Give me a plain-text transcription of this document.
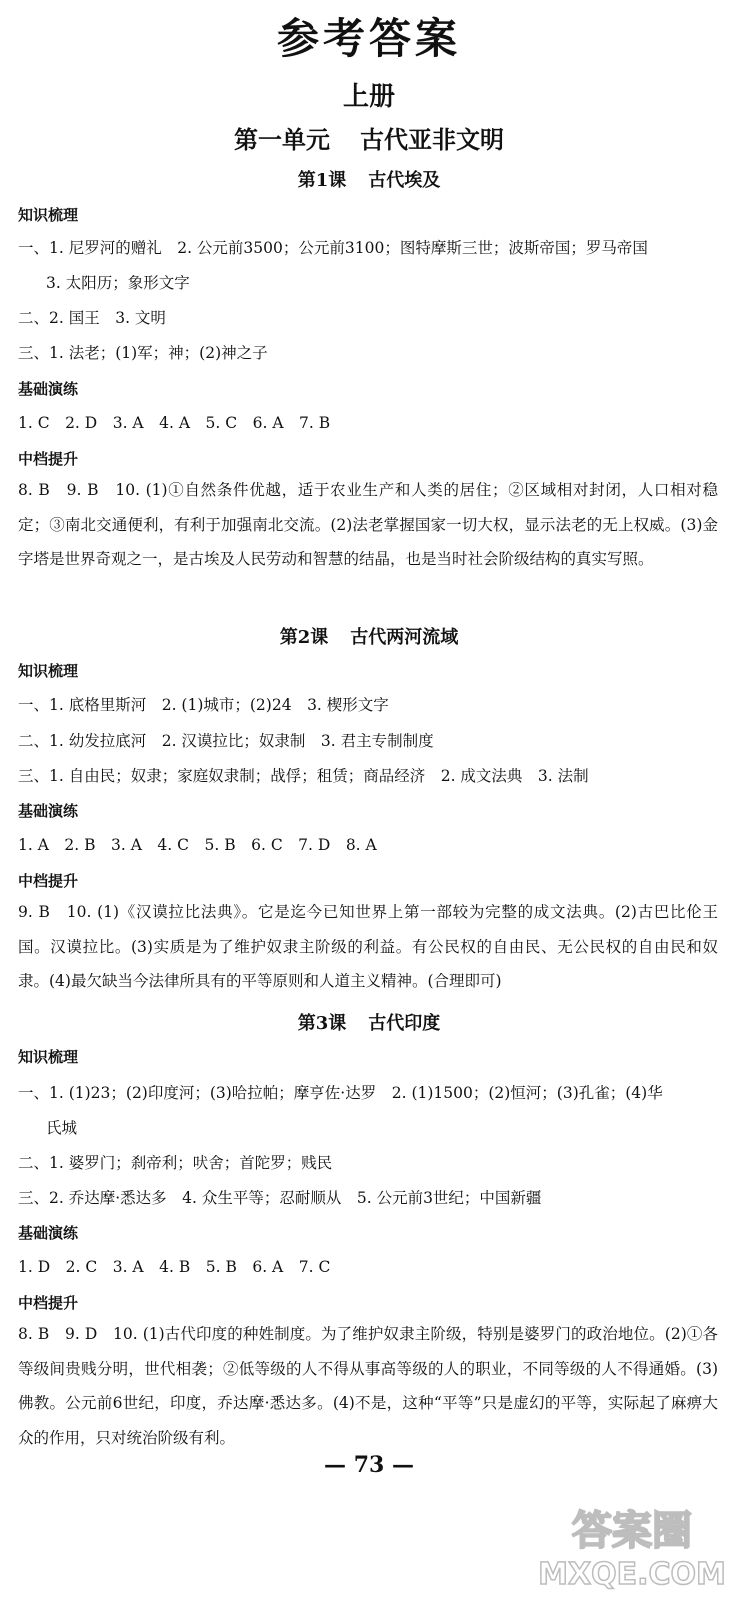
参考答案
上册
第一单元 古代亚非文明
第1课 古代埃及
知识梳理
一、1. 尼罗河的赠礼　2. 公元前3500；公元前3100；图特摩斯三世；波斯帝国；罗马帝国
3. 太阳历；象形文字
二、2. 国王　3. 文明
三、1. 法老；(1)军；神；(2)神之子
基础演练
1. C　2. D　3. A　4. A　5. C　6. A　7. B
中档提升
8. B　9. B　10. (1)①自然条件优越，适于农业生产和人类的居住；②区域相对封闭，人口相对稳定；③南北交通便利，有利于加强南北交流。(2)法老掌握国家一切大权，显示法老的无上权威。(3)金字塔是世界奇观之一，是古埃及人民劳动和智慧的结晶，也是当时社会阶级结构的真实写照。
第2课 古代两河流域
知识梳理
一、1. 底格里斯河　2. (1)城市；(2)24　3. 楔形文字
二、1. 幼发拉底河　2. 汉谟拉比；奴隶制　3. 君主专制制度
三、1. 自由民；奴隶；家庭奴隶制；战俘；租赁；商品经济　2. 成文法典　3. 法制
基础演练
1. A　2. B　3. A　4. C　5. B　6. C　7. D　8. A
中档提升
9. B　10. (1)《汉谟拉比法典》。它是迄今已知世界上第一部较为完整的成文法典。(2)古巴比伦王国。汉谟拉比。(3)实质是为了维护奴隶主阶级的利益。有公民权的自由民、无公民权的自由民和奴隶。(4)最欠缺当今法律所具有的平等原则和人道主义精神。(合理即可)
第3课 古代印度
知识梳理
一、1. (1)23；(2)印度河；(3)哈拉帕；摩亨佐·达罗　2. (1)1500；(2)恒河；(3)孔雀；(4)华
氏城
二、1. 婆罗门；刹帝利；吠舍；首陀罗；贱民
三、2. 乔达摩·悉达多　4. 众生平等；忍耐顺从　5. 公元前3世纪；中国新疆
基础演练
1. D　2. C　3. A　4. B　5. B　6. A　7. C
中档提升
8. B　9. D　10. (1)古代印度的种姓制度。为了维护奴隶主阶级，特别是婆罗门的政治地位。(2)①各等级间贵贱分明，世代相袭；②低等级的人不得从事高等级的人的职业，不同等级的人不得通婚。(3)佛教。公元前6世纪，印度，乔达摩·悉达多。(4)不是，这种“平等”只是虚幻的平等，实际起了麻痹大众的作用，只对统治阶级有利。
— 73 —
答案圈
MXQE.COM
